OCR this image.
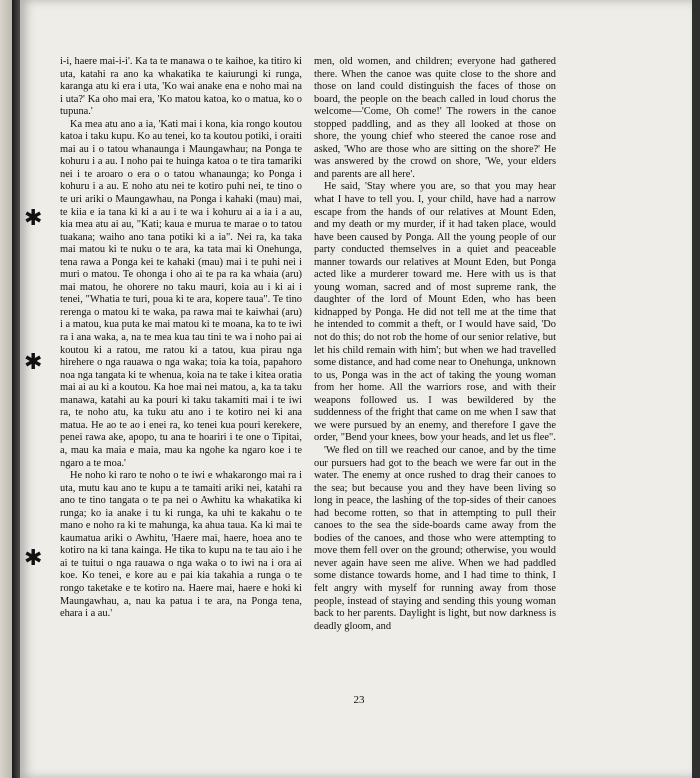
✱
✱
✱

i-i, haere mai-i-i'. Ka ta te manawa o te kaihoe, ka titiro ki uta, katahi ra ano ka whakatika te kaiurungi ki runga, karanga atu ki era i uta, 'Ko wai anake ena e noho mai na i uta?' Ka oho mai era, 'Ko matou katoa, ko o matua, ko o tupuna.'

Ka mea atu ano a ia, 'Kati mai i kona, kia rongo koutou katoa i taku kupu. Ko au tenei, ko ta koutou potiki, i oraiti mai au i o tatou whanaunga i Maungawhau; na Ponga te kohuru i a au. I noho pai te huinga katoa o te tira tamariki nei i te aroaro o era o o tatou whanaunga; ko Ponga i kohuru i a au. E noho atu nei te kotiro puhi nei, te tino o te uri ariki o Maungawhau, na Ponga i kahaki (mau) mai, te kiia e ia tana ki ki a au i te wa i kohuru ai a ia i a au, kia mea atu ai au, "Kati; kaua e murua te marae o to tatou tuakana; waiho ano tana potiki ki a ia". Nei ra, ka taka mai matou ki te nuku o te ara, ka tata mai ki Onehunga, tena rawa a Ponga kei te kahaki (mau) mai i te puhi nei i muri o matou. Te ohonga i oho ai te pa ra ka whaia (aru) mai matou, he ohorere no taku mauri, koia au i ki ai i tenei, "Whatia te turi, poua ki te ara, kopere taua". Te tino rerenga o matou ki te waka, pa rawa mai te kaiwhai (aru) i a matou, kua puta ke mai matou ki te moana, ka to te iwi ra i ana waka, a, na te mea kua tau tini te wa i noho pai ai koutou ki a ratou, me ratou ki a tatou, kua pirau nga hirehere o nga rauawa o nga waka; toia ka toia, papahoro noa nga tangata ki te whenua, koia na te take i kitea oratia mai ai au ki a koutou. Ka hoe mai nei matou, a, ka ta taku manawa, katahi au ka pouri ki taku takamiti mai i te iwi ra, te noho atu, ka tuku atu ano i te kotiro nei ki ana matua. He ao te ao i enei ra, ko tenei kua pouri kerekere, penei rawa ake, apopo, tu ana te hoariri i te one o Tipitai, a, mau ka maia e maia, mau ka ngohe ka ngaro koe i te ngaro a te moa.'

He noho ki raro te noho o te iwi e whakarongo mai ra i uta, mutu kau ano te kupu a te tamaiti ariki nei, katahi ra ano te tino tangata o te pa nei o Awhitu ka whakatika ki runga; ko ia anake i tu ki runga, ka uhi te kakahu o te mano e noho ra ki te mahunga, ka ahua taua. Ka ki mai te kaumatua ariki o Awhitu, 'Haere mai, haere, hoea ano te kotiro na ki tana kainga. He tika to kupu na te tau aio i he ai te tuitui o nga rauawa o nga waka o to iwi na i ora ai koe. Ko tenei, e kore au e pai kia takahia a runga o te rongo taketake e te kotiro na. Haere mai, haere e hoki ki Maungawhau, a, nau ka patua i te ara, na Ponga tena, ehara i a au.'

men, old women, and children; everyone had gathered there. When the canoe was quite close to the shore and those on land could distinguish the faces of those on board, the people on the beach called in loud chorus the welcome—'Come, Oh come!' The rowers in the canoe stopped paddling, and as they all looked at those on shore, the young chief who steered the canoe rose and asked, 'Who are those who are sitting on the shore?' He was answered by the crowd on shore, 'We, your elders and parents are all here'.

He said, 'Stay where you are, so that you may hear what I have to tell you. I, your child, have had a narrow escape from the hands of our relatives at Mount Eden, and my death or my murder, if it had taken place, would have been caused by Ponga. All the young people of our party conducted themselves in a quiet and peaceable manner towards our relatives at Mount Eden, but Ponga acted like a murderer toward me. Here with us is that young woman, sacred and of most supreme rank, the daughter of the lord of Mount Eden, who has been kidnapped by Ponga. He did not tell me at the time that he intended to commit a theft, or I would have said, 'Do not do this; do not rob the home of our senior relative, but let his child remain with him'; but when we had travelled some distance, and had come near to Onehunga, unknown to us, Ponga was in the act of taking the young woman from her home. All the warriors rose, and with their weapons followed us. I was bewildered by the suddenness of the fright that came on me when I saw that we were pursued by an enemy, and therefore I gave the order, "Bend your knees, bow your heads, and let us flee".

'We fled on till we reached our canoe, and by the time our pursuers had got to the beach we were far out in the water. The enemy at once rushed to drag their canoes to the sea; but because you and they have been living so long in peace, the lashing of the top-sides of their canoes had become rotten, so that in attempting to pull their canoes to the sea the side-boards came away from the bodies of the canoes, and those who were attempting to move them fell over on the ground; otherwise, you would never again have seen me alive. When we had paddled some distance towards home, and I had time to think, I felt angry with myself for running away from those people, instead of staying and sending this young woman back to her parents. Daylight is light, but now darkness is deadly gloom, and

23
